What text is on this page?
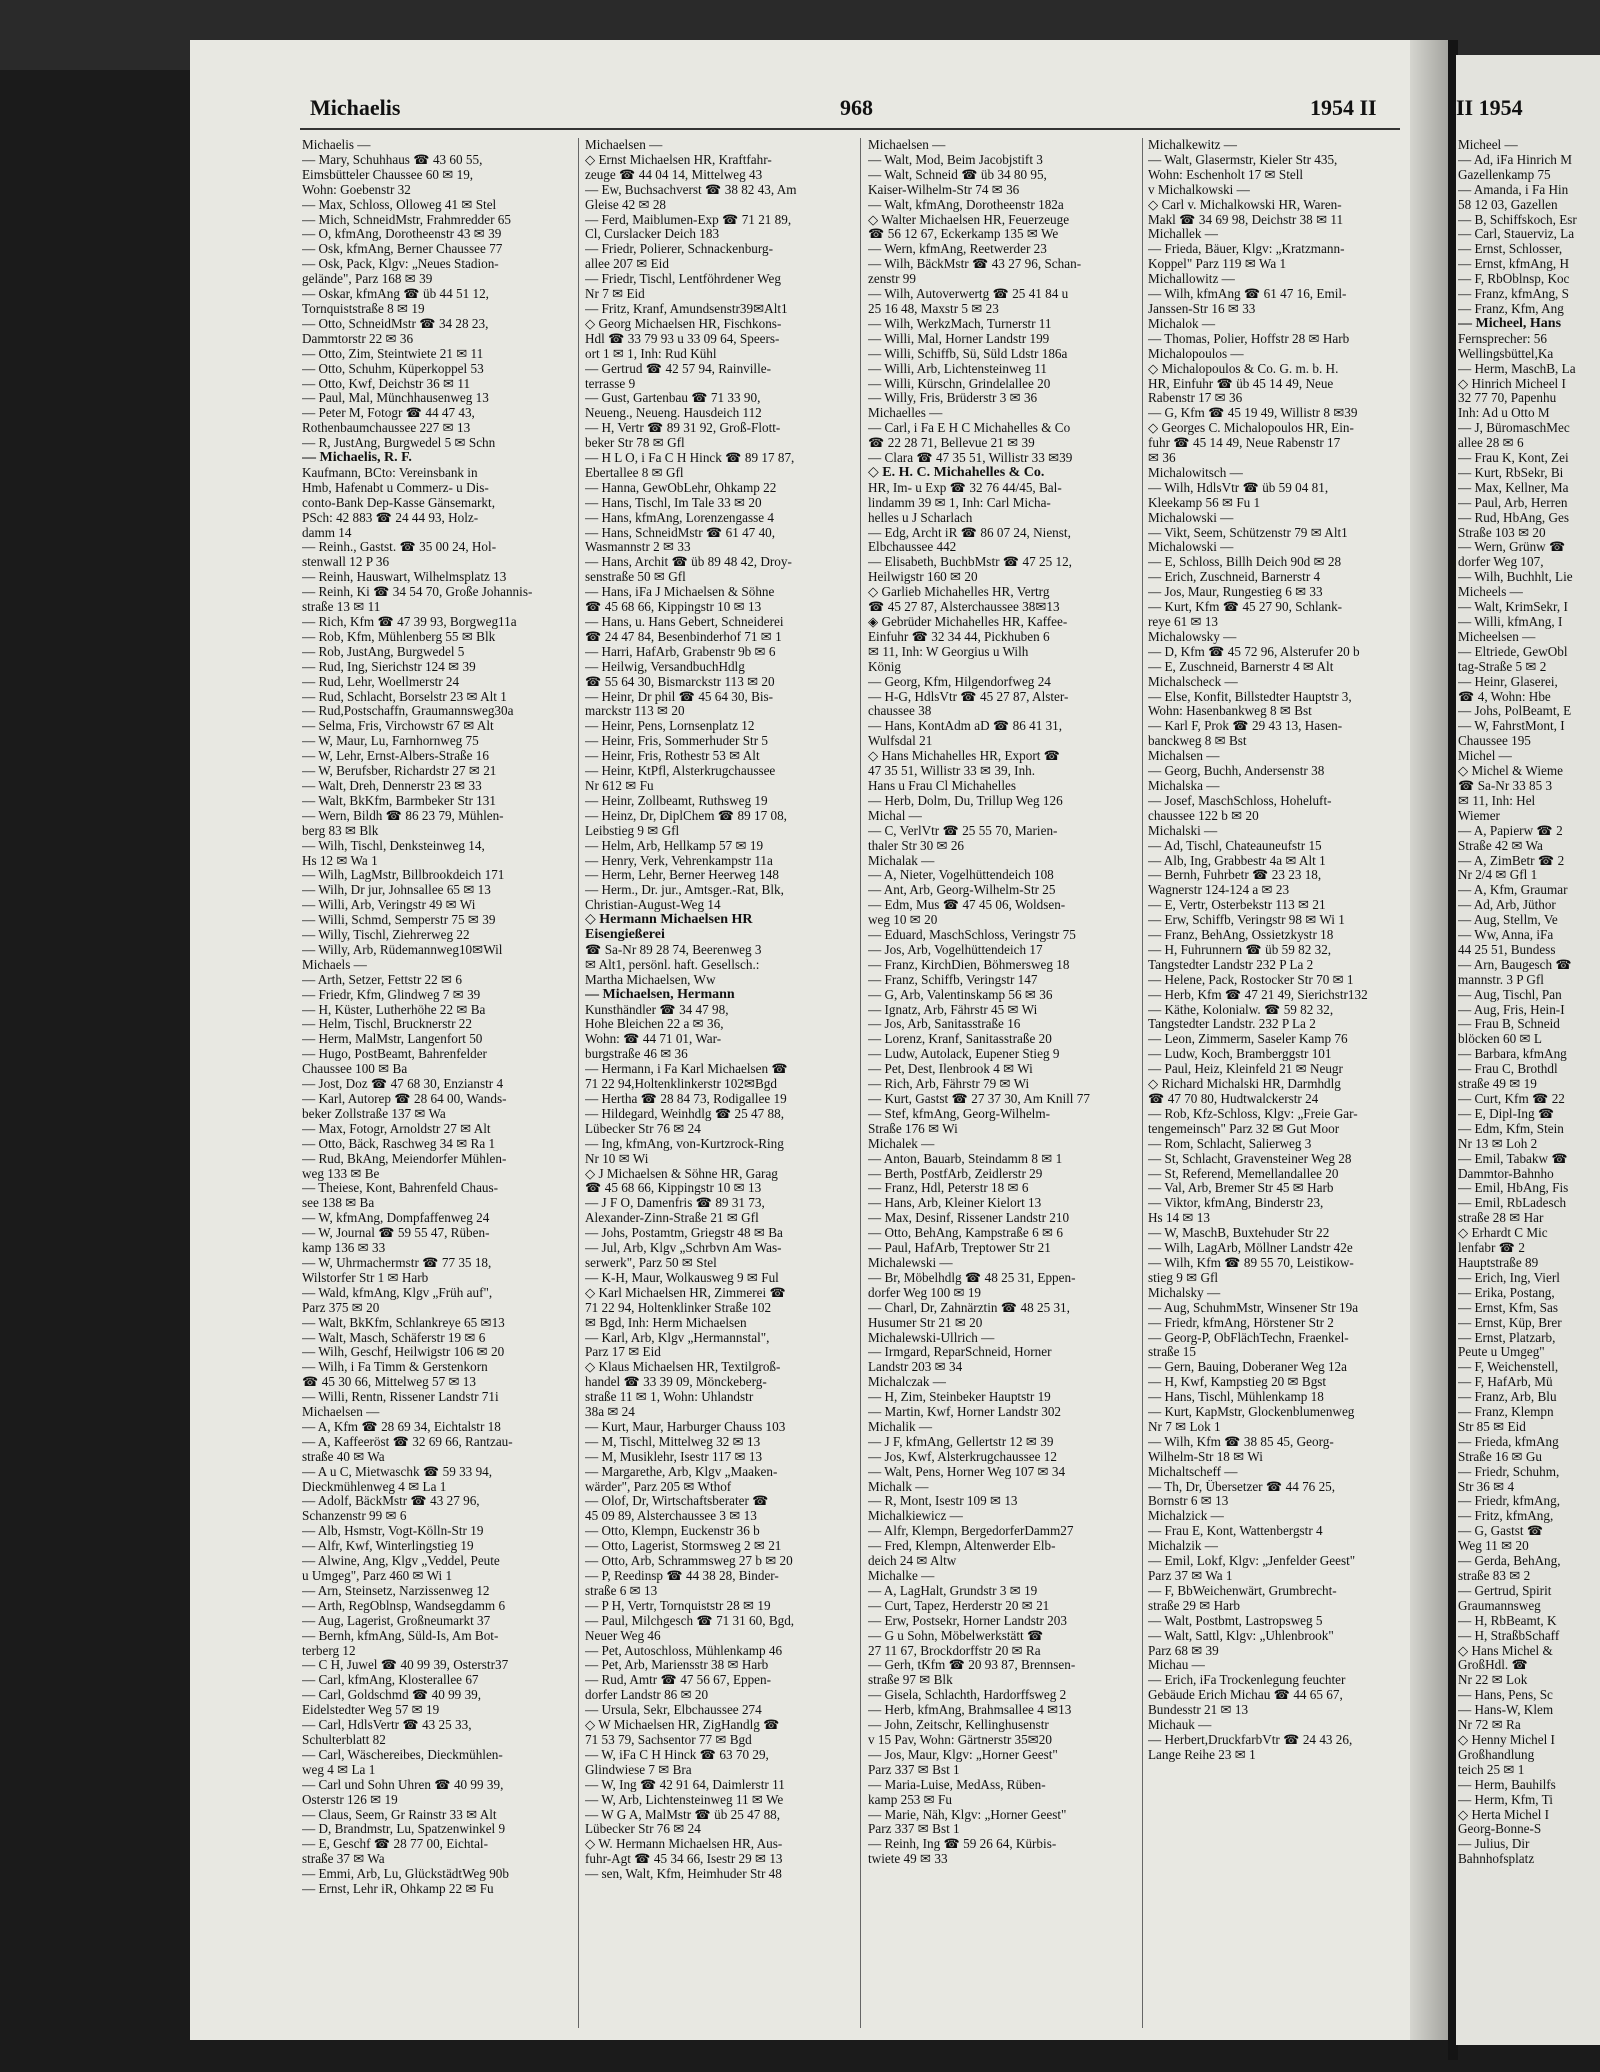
Michaelis	968	1954 II	II 1954
Michaelis —
— Mary, Schuhhaus ☎ 43 60 55,
Eimsbütteler Chaussee 60 ✉ 19,
Wohn: Goebenstr 32
— Max, Schloss, Olloweg 41 ✉ Stel
— Mich, SchneidMstr, Frahmredder 65
— O, kfmAng, Dorotheenstr 43 ✉ 39
— Osk, kfmAng, Berner Chaussee 77
— Osk, Pack, Klgv: „Neues Stadion-
gelände", Parz 168 ✉ 39
— Oskar, kfmAng ☎ üb 44 51 12,
Tornquiststraße 8 ✉ 19
— Otto, SchneidMstr ☎ 34 28 23,
Dammtorstr 22 ✉ 36
— Otto, Zim, Steintwiete 21 ✉ 11
— Otto, Schuhm, Küperkoppel 53
— Otto, Kwf, Deichstr 36 ✉ 11
— Paul, Mal, Münchhausenweg 13
— Peter M, Fotogr ☎ 44 47 43,
Rothenbaumchaussee 227 ✉ 13
— R, JustAng, Burgwedel 5 ✉ Schn
— Michaelis, R. F.
Kaufmann, BCto: Vereinsbank in
Hmb, Hafenabt u Commerz- u Dis-
conto-Bank Dep-Kasse Gänsemarkt,
PSch: 42 883 ☎ 24 44 93, Holz-
damm 14
— Reinh., Gastst. ☎ 35 00 24, Hol-
stenwall 12 P 36
— Reinh, Hauswart, Wilhelmsplatz 13
— Reinh, Ki ☎ 34 54 70, Große Johannis-
straße 13 ✉ 11
— Rich, Kfm ☎ 47 39 93, Borgweg11a
— Rob, Kfm, Mühlenberg 55 ✉ Blk
— Rob, JustAng, Burgwedel 5
— Rud, Ing, Sierichstr 124 ✉ 39
— Rud, Lehr, Woellmerstr 24
— Rud, Schlacht, Borselstr 23 ✉ Alt 1
— Rud,Postschaffn, Graumannsweg30a
— Selma, Fris, Virchowstr 67 ✉ Alt
— W, Maur, Lu, Farnhornweg 75
— W, Lehr, Ernst-Albers-Straße 16
— W, Berufsber, Richardstr 27 ✉ 21
— Walt, Dreh, Dennerstr 23 ✉ 33
— Walt, BkKfm, Barmbeker Str 131
— Wern, Bildh ☎ 86 23 79, Mühlen-
berg 83 ✉ Blk
— Wilh, Tischl, Denksteinweg 14,
Hs 12 ✉ Wa 1
— Wilh, LagMstr, Billbrookdeich 171
— Wilh, Dr jur, Johnsallee 65 ✉ 13
— Willi, Arb, Veringstr 49 ✉ Wi
— Willi, Schmd, Semperstr 75 ✉ 39
— Willy, Tischl, Ziehrerweg 22
— Willy, Arb, Rüdemannweg10✉Wil
Michaels —
— Arth, Setzer, Fettstr 22 ✉ 6
— Friedr, Kfm, Glindweg 7 ✉ 39
— H, Küster, Lutherhöhe 22 ✉ Ba
— Helm, Tischl, Brucknerstr 22
— Herm, MalMstr, Langenfort 50
— Hugo, PostBeamt, Bahrenfelder
Chaussee 100 ✉ Ba
— Jost, Doz ☎ 47 68 30, Enzianstr 4
— Karl, Autorep ☎ 28 64 00, Wands-
beker Zollstraße 137 ✉ Wa
— Max, Fotogr, Arnoldstr 27 ✉ Alt
— Otto, Bäck, Raschweg 34 ✉ Ra 1
— Rud, BkAng, Meiendorfer Mühlen-
weg 133 ✉ Be
— Theiese, Kont, Bahrenfeld Chaus-
see 138 ✉ Ba
— W, kfmAng, Dompfaffenweg 24
— W, Journal ☎ 59 55 47, Rüben-
kamp 136 ✉ 33
— W, Uhrmachermstr ☎ 77 35 18,
Wilstorfer Str 1 ✉ Harb
— Wald, kfmAng, Klgv „Früh auf",
Parz 375 ✉ 20
— Walt, BkKfm, Schlankreye 65 ✉13
— Walt, Masch, Schäferstr 19 ✉ 6
— Wilh, Geschf, Heilwigstr 106 ✉ 20
— Wilh, i Fa Timm & Gerstenkorn
☎ 45 30 66, Mittelweg 57 ✉ 13
— Willi, Rentn, Rissener Landstr 71i
Michaelsen —
— A, Kfm ☎ 28 69 34, Eichtalstr 18
— A, Kaffeeröst ☎ 32 69 66, Rantzau-
straße 40 ✉ Wa
— A u C, Mietwaschk ☎ 59 33 94,
Dieckmühlenweg 4 ✉ La 1
— Adolf, BäckMstr ☎ 43 27 96,
Schanzenstr 99 ✉ 6
— Alb, Hsmstr, Vogt-Kölln-Str 19
— Alfr, Kwf, Winterlingstieg 19
— Alwine, Ang, Klgv „Veddel, Peute
u Umgeg", Parz 460 ✉ Wi 1
— Arn, Steinsetz, Narzissenweg 12
— Arth, RegOblnsp, Wandsegdamm 6
— Aug, Lagerist, Großneumarkt 37
— Bernh, kfmAng, Süld-Is, Am Bot-
terberg 12
— C H, Juwel ☎ 40 99 39, Osterstr37
— Carl, kfmAng, Klosterallee 67
— Carl, Goldschmd ☎ 40 99 39,
Eidelstedter Weg 57 ✉ 19
— Carl, HdlsVertr ☎ 43 25 33,
Schulterblatt 82
— Carl, Wäschereibes, Dieckmühlen-
weg 4 ✉ La 1
— Carl und Sohn Uhren ☎ 40 99 39,
Osterstr 126 ✉ 19
— Claus, Seem, Gr Rainstr 33 ✉ Alt
— D, Brandmstr, Lu, Spatzenwinkel 9
— E, Geschf ☎ 28 77 00, Eichtal-
straße 37 ✉ Wa
— Emmi, Arb, Lu, GlückstädtWeg 90b
— Ernst, Lehr iR, Ohkamp 22 ✉ Fu
Michaelsen —
◇ Ernst Michaelsen HR, Kraftfahr-
zeuge ☎ 44 04 14, Mittelweg 43
— Ew, Buchsachverst ☎ 38 82 43, Am
Gleise 42 ✉ 28
— Ferd, Maiblumen-Exp ☎ 71 21 89,
Cl, Curslacker Deich 183
— Friedr, Polierer, Schnackenburg-
allee 207 ✉ Eid
— Friedr, Tischl, Lentföhrdener Weg
Nr 7 ✉ Eid
— Fritz, Kranf, Amundsenstr39✉Alt1
◇ Georg Michaelsen HR, Fischkons-
Hdl ☎ 33 79 93 u 33 09 64, Speers-
ort 1 ✉ 1, Inh: Rud Kühl
— Gertrud ☎ 42 57 94, Rainville-
terrasse 9
— Gust, Gartenbau ☎ 71 33 90,
Neueng., Neueng. Hausdeich 112
— H, Vertr ☎ 89 31 92, Groß-Flott-
beker Str 78 ✉ Gfl
— H L O, i Fa C H Hinck ☎ 89 17 87,
Ebertallee 8 ✉ Gfl
— Hanna, GewObLehr, Ohkamp 22
— Hans, Tischl, Im Tale 33 ✉ 20
— Hans, kfmAng, Lorenzengasse 4
— Hans, SchneidMstr ☎ 61 47 40,
Wasmannstr 2 ✉ 33
— Hans, Archit ☎ üb 89 48 42, Droy-
senstraße 50 ✉ Gfl
— Hans, iFa J Michaelsen & Söhne
☎ 45 68 66, Kippingstr 10 ✉ 13
— Hans, u. Hans Gebert, Schneiderei
☎ 24 47 84, Besenbinderhof 71 ✉ 1
— Harri, HafArb, Grabenstr 9b ✉ 6
— Heilwig, VersandbuchHdlg
☎ 55 64 30, Bismarckstr 113 ✉ 20
— Heinr, Dr phil ☎ 45 64 30, Bis-
marckstr 113 ✉ 20
— Heinr, Pens, Lornsenplatz 12
— Heinr, Fris, Sommerhuder Str 5
— Heinr, Fris, Rothestr 53 ✉ Alt
— Heinr, KtPfl, Alsterkrugchaussee
Nr 612 ✉ Fu
— Heinr, Zollbeamt, Ruthsweg 19
— Heinz, Dr, DiplChem ☎ 89 17 08,
Leibstieg 9 ✉ Gfl
— Helm, Arb, Hellkamp 57 ✉ 19
— Henry, Verk, Vehrenkampstr 11a
— Herm, Lehr, Berner Heerweg 148
— Herm., Dr. jur., Amtsger.-Rat, Blk,
Christian-August-Weg 14
◇ Hermann Michaelsen HR
Eisengießerei
☎ Sa-Nr 89 28 74, Beerenweg 3
✉ Alt1, persönl. haft. Gesellsch.:
Martha Michaelsen, Ww
— Michaelsen, Hermann
Kunsthändler ☎ 34 47 98,
Hohe Bleichen 22 a ✉ 36,
Wohn: ☎ 44 71 01, War-
burgstraße 46 ✉ 36
— Hermann, i Fa Karl Michaelsen ☎
71 22 94,Holtenklinkerstr 102✉Bgd
— Hertha ☎ 28 84 73, Rodigallee 19
— Hildegard, Weinhdlg ☎ 25 47 88,
Lübecker Str 76 ✉ 24
— Ing, kfmAng, von-Kurtzrock-Ring
Nr 10 ✉ Wi
◇ J Michaelsen & Söhne HR, Garag
☎ 45 68 66, Kippingstr 10 ✉ 13
— J F O, Damenfris ☎ 89 31 73,
Alexander-Zinn-Straße 21 ✉ Gfl
— Johs, Postamtm, Griegstr 48 ✉ Ba
— Jul, Arb, Klgv „Schrbvn Am Was-
serwerk", Parz 50 ✉ Stel
— K-H, Maur, Wolkausweg 9 ✉ Ful
◇ Karl Michaelsen HR, Zimmerei ☎
71 22 94, Holtenklinker Straße 102
✉ Bgd, Inh: Herm Michaelsen
— Karl, Arb, Klgv „Hermannstal",
Parz 17 ✉ Eid
◇ Klaus Michaelsen HR, Textilgroß-
handel ☎ 33 39 09, Mönckeberg-
straße 11 ✉ 1, Wohn: Uhlandstr
38a ✉ 24
— Kurt, Maur, Harburger Chauss 103
— M, Tischl, Mittelweg 32 ✉ 13
— M, Musiklehr, Isestr 117 ✉ 13
— Margarethe, Arb, Klgv „Maaken-
wärder", Parz 205 ✉ Wthof
— Olof, Dr, Wirtschaftsberater ☎
45 09 89, Alsterchaussee 3 ✉ 13
— Otto, Klempn, Euckenstr 36 b
— Otto, Lagerist, Stormsweg 2 ✉ 21
— Otto, Arb, Schrammsweg 27 b ✉ 20
— P, Reedinsp ☎ 44 38 28, Binder-
straße 6 ✉ 13
— P H, Vertr, Tornquiststr 28 ✉ 19
— Paul, Milchgesch ☎ 71 31 60, Bgd,
Neuer Weg 46
— Pet, Autoschloss, Mühlenkamp 46
— Pet, Arb, Mariensstr 38 ✉ Harb
— Rud, Amtr ☎ 47 56 67, Eppen-
dorfer Landstr 86 ✉ 20
— Ursula, Sekr, Elbchaussee 274
◇ W Michaelsen HR, ZigHandlg ☎
71 53 79, Sachsentor 77 ✉ Bgd
— W, iFa C H Hinck ☎ 63 70 29,
Glindwiese 7 ✉ Bra
— W, Ing ☎ 42 91 64, Daimlerstr 11
— W, Arb, Lichtensteinweg 11 ✉ We
— W G A, MalMstr ☎ üb 25 47 88,
Lübecker Str 76 ✉ 24
◇ W. Hermann Michaelsen HR, Aus-
fuhr-Agt ☎ 45 34 66, Isestr 29 ✉ 13
— sen, Walt, Kfm, Heimhuder Str 48
Michaelsen —
— Walt, Mod, Beim Jacobjstift 3
— Walt, Schneid ☎ üb 34 80 95,
Kaiser-Wilhelm-Str 74 ✉ 36
— Walt, kfmAng, Dorotheenstr 182a
◇ Walter Michaelsen HR, Feuerzeuge
☎ 56 12 67, Eckerkamp 135 ✉ We
— Wern, kfmAng, Reetwerder 23
— Wilh, BäckMstr ☎ 43 27 96, Schan-
zenstr 99
— Wilh, Autoverwertg ☎ 25 41 84 u
25 16 48, Maxstr 5 ✉ 23
— Wilh, WerkzMach, Turnerstr 11
— Willi, Mal, Horner Landstr 199
— Willi, Schiffb, Sü, Süld Ldstr 186a
— Willi, Arb, Lichtensteinweg 11
— Willi, Kürschn, Grindelallee 20
— Willy, Fris, Brüderstr 3 ✉ 36
Michaelles —
— Carl, i Fa E H C Michahelles & Co
☎ 22 28 71, Bellevue 21 ✉ 39
— Clara ☎ 47 35 51, Willistr 33 ✉39
◇ E. H. C. Michahelles & Co.
HR, Im- u Exp ☎ 32 76 44/45, Bal-
lindamm 39 ✉ 1, Inh: Carl Micha-
helles u J Scharlach
— Edg, Archt iR ☎ 86 07 24, Nienst,
Elbchaussee 442
— Elisabeth, BuchbMstr ☎ 47 25 12,
Heilwigstr 160 ✉ 20
◇ Garlieb Michahelles HR, Vertrg
☎ 45 27 87, Alsterchaussee 38✉13
◈ Gebrüder Michahelles HR, Kaffee-
Einfuhr ☎ 32 34 44, Pickhuben 6
✉ 11, Inh: W Georgius u Wilh
König
— Georg, Kfm, Hilgendorfweg 24
— H-G, HdlsVtr ☎ 45 27 87, Alster-
chaussee 38
— Hans, KontAdm aD ☎ 86 41 31,
Wulfsdal 21
◇ Hans Michahelles HR, Export ☎
47 35 51, Willistr 33 ✉ 39, Inh.
Hans u Frau Cl Michahelles
— Herb, Dolm, Du, Trillup Weg 126
Michal —
— C, VerlVtr ☎ 25 55 70, Marien-
thaler Str 30 ✉ 26
Michalak —
— A, Nieter, Vogelhüttendeich 108
— Ant, Arb, Georg-Wilhelm-Str 25
— Edm, Mus ☎ 47 45 06, Woldsen-
weg 10 ✉ 20
— Eduard, MaschSchloss, Veringstr 75
— Jos, Arb, Vogelhüttendeich 17
— Franz, KirchDien, Böhmersweg 18
— Franz, Schiffb, Veringstr 147
— G, Arb, Valentinskamp 56 ✉ 36
— Ignatz, Arb, Fährstr 45 ✉ Wi
— Jos, Arb, Sanitasstraße 16
— Lorenz, Kranf, Sanitasstraße 20
— Ludw, Autolack, Eupener Stieg 9
— Pet, Dest, Ilenbrook 4 ✉ Wi
— Rich, Arb, Fährstr 79 ✉ Wi
— Kurt, Gastst ☎ 27 37 30, Am Knill 77
— Stef, kfmAng, Georg-Wilhelm-
Straße 176 ✉ Wi
Michalek —
— Anton, Bauarb, Steindamm 8 ✉ 1
— Berth, PostfArb, Zeidlerstr 29
— Franz, Hdl, Peterstr 18 ✉ 6
— Hans, Arb, Kleiner Kielort 13
— Max, Desinf, Rissener Landstr 210
— Otto, BehAng, Kampstraße 6 ✉ 6
— Paul, HafArb, Treptower Str 21
Michalewski —
— Br, Möbelhdlg ☎ 48 25 31, Eppen-
dorfer Weg 100 ✉ 19
— Charl, Dr, Zahnärztin ☎ 48 25 31,
Husumer Str 21 ✉ 20
Michalewski-Ullrich —
— Irmgard, ReparSchneid, Horner
Landstr 203 ✉ 34
Michalczak —
— H, Zim, Steinbeker Hauptstr 19
— Martin, Kwf, Horner Landstr 302
Michalik —
— J F, kfmAng, Gellertstr 12 ✉ 39
— Jos, Kwf, Alsterkrugchaussee 12
— Walt, Pens, Horner Weg 107 ✉ 34
Michalk —
— R, Mont, Isestr 109 ✉ 13
Michalkiewicz —
— Alfr, Klempn, BergedorferDamm27
— Fred, Klempn, Altenwerder Elb-
deich 24 ✉ Altw
Michalke —
— A, LagHalt, Grundstr 3 ✉ 19
— Curt, Tapez, Herderstr 20 ✉ 21
— Erw, Postsekr, Horner Landstr 203
— G u Sohn, Möbelwerkstätt ☎
27 11 67, Brockdorffstr 20 ✉ Ra
— Gerh, tKfm ☎ 20 93 87, Brennsen-
straße 97 ✉ Blk
— Gisela, Schlachth, Hardorffsweg 2
— Herb, kfmAng, Brahmsallee 4 ✉13
— John, Zeitschr, Kellinghusenstr
v 15 Pav, Wohn: Gärtnerstr 35✉20
— Jos, Maur, Klgv: „Horner Geest"
Parz 337 ✉ Bst 1
— Maria-Luise, MedAss, Rüben-
kamp 253 ✉ Fu
— Marie, Näh, Klgv: „Horner Geest"
Parz 337 ✉ Bst 1
— Reinh, Ing ☎ 59 26 64, Kürbis-
twiete 49 ✉ 33
Michalkewitz —
— Walt, Glasermstr, Kieler Str 435,
Wohn: Eschenholt 17 ✉ Stell
v Michalkowski —
◇ Carl v. Michalkowski HR, Waren-
Makl ☎ 34 69 98, Deichstr 38 ✉ 11
Michallek —
— Frieda, Bäuer, Klgv: „Kratzmann-
Koppel" Parz 119 ✉ Wa 1
Michallowitz —
— Wilh, kfmAng ☎ 61 47 16, Emil-
Janssen-Str 16 ✉ 33
Michalok —
— Thomas, Polier, Hoffstr 28 ✉ Harb
Michalopoulos —
◇ Michalopoulos & Co. G. m. b. H.
HR, Einfuhr ☎ üb 45 14 49, Neue
Rabenstr 17 ✉ 36
— G, Kfm ☎ 45 19 49, Willistr 8 ✉39
◇ Georges C. Michalopoulos HR, Ein-
fuhr ☎ 45 14 49, Neue Rabenstr 17
✉ 36
Michalowitsch —
— Wilh, HdlsVtr ☎ üb 59 04 81,
Kleekamp 56 ✉ Fu 1
Michalowski —
— Vikt, Seem, Schützenstr 79 ✉ Alt1
Michalowski —
— E, Schloss, Billh Deich 90d ✉ 28
— Erich, Zuschneid, Barnerstr 4
— Jos, Maur, Rungestieg 6 ✉ 33
— Kurt, Kfm ☎ 45 27 90, Schlank-
reye 61 ✉ 13
Michalowsky —
— D, Kfm ☎ 45 72 96, Alsterufer 20 b
— E, Zuschneid, Barnerstr 4 ✉ Alt
Michalscheck —
— Else, Konfit, Billstedter Hauptstr 3,
Wohn: Hasenbankweg 8 ✉ Bst
— Karl F, Prok ☎ 29 43 13, Hasen-
banckweg 8 ✉ Bst
Michalsen —
— Georg, Buchh, Andersenstr 38
Michalska —
— Josef, MaschSchloss, Hoheluft-
chaussee 122 b ✉ 20
Michalski —
— Ad, Tischl, Chateauneufstr 15
— Alb, Ing, Grabbestr 4a ✉ Alt 1
— Bernh, Fuhrbetr ☎ 23 23 18,
Wagnerstr 124-124 a ✉ 23
— E, Vertr, Osterbekstr 113 ✉ 21
— Erw, Schiffb, Veringstr 98 ✉ Wi 1
— Franz, BehAng, Ossietzkystr 18
— H, Fuhrunnern ☎ üb 59 82 32,
Tangstedter Landstr 232 P La 2
— Helene, Pack, Rostocker Str 70 ✉ 1
— Herb, Kfm ☎ 47 21 49, Sierichstr132
— Käthe, Kolonialw. ☎ 59 82 32,
Tangstedter Landstr. 232 P La 2
— Leon, Zimmerm, Saseler Kamp 76
— Ludw, Koch, Bramberggstr 101
— Paul, Heiz, Kleinfeld 21 ✉ Neugr
◇ Richard Michalski HR, Darmhdlg
☎ 47 70 80, Hudtwalckerstr 24
— Rob, Kfz-Schloss, Klgv: „Freie Gar-
tengemeinsch" Parz 32 ✉ Gut Moor
— Rom, Schlacht, Salierweg 3
— St, Schlacht, Gravensteiner Weg 28
— St, Referend, Memellandallee 20
— Val, Arb, Bremer Str 45 ✉ Harb
— Viktor, kfmAng, Binderstr 23,
Hs 14 ✉ 13
— W, MaschB, Buxtehuder Str 22
— Wilh, LagArb, Möllner Landstr 42e
— Wilh, Kfm ☎ 89 55 70, Leistikow-
stieg 9 ✉ Gfl
Michalsky —
— Aug, SchuhmMstr, Winsener Str 19a
— Friedr, kfmAng, Hörstener Str 2
— Georg-P, ObFlächTechn, Fraenkel-
straße 15
— Gern, Bauing, Doberaner Weg 12a
— H, Kwf, Kampstieg 20 ✉ Bgst
— Hans, Tischl, Mühlenkamp 18
— Kurt, KapMstr, Glockenblumenweg
Nr 7 ✉ Lok 1
— Wilh, Kfm ☎ 38 85 45, Georg-
Wilhelm-Str 18 ✉ Wi
Michaltscheff —
— Th, Dr, Übersetzer ☎ 44 76 25,
Bornstr 6 ✉ 13
Michalzick —
— Frau E, Kont, Wattenbergstr 4
Michalzik —
— Emil, Lokf, Klgv: „Jenfelder Geest"
Parz 37 ✉ Wa 1
— F, BbWeichenwärt, Grumbrecht-
straße 29 ✉ Harb
— Walt, Postbmt, Lastropsweg 5
— Walt, Sattl, Klgv: „Uhlenbrook"
Parz 68 ✉ 39
Michau —
— Erich, iFa Trockenlegung feuchter
Gebäude Erich Michau ☎ 44 65 67,
Bundesstr 21 ✉ 13
Michauk —
— Herbert,DruckfarbVtr ☎ 24 43 26,
Lange Reihe 23 ✉ 1
Micheel —
— Ad, iFa Hinrich M
Gazellenkamp 75
— Amanda, i Fa Hin
58 12 03, Gazellen
— B, Schiffskoch, Esr
— Carl, Stauerviz, La
— Ernst, Schlosser,
— Ernst, kfmAng, H
— F, RbOblnsp, Koc
— Franz, kfmAng, S
— Franz, Kfm, Ang
— Micheel, Hans
Fernsprecher: 56
Wellingsbüttel,Ka
— Herm, MaschB, La
◇ Hinrich Micheel I
32 77 70, Papenhu
Inh: Ad u Otto M
— J, BüromaschMec
allee 28 ✉ 6
— Frau K, Kont, Zei
— Kurt, RbSekr, Bi
— Max, Kellner, Ma
— Paul, Arb, Herren
— Rud, HbAng, Ges
Straße 103 ✉ 20
— Wern, Grünw ☎
dorfer Weg 107,
— Wilh, Buchhlt, Lie
Micheels —
— Walt, KrimSekr, I
— Willi, kfmAng, I
Micheelsen —
— Eltriede, GewObl
tag-Straße 5 ✉ 2
— Heinr, Glaserei,
☎ 4, Wohn: Hbe
— Johs, PolBeamt, E
— W, FahrstMont, I
Chaussee 195
Michel —
◇ Michel & Wieme
☎ Sa-Nr 33 85 3
✉ 11, Inh: Hel
Wiemer
— A, Papierw ☎ 2
Straße 42 ✉ Wa
— A, ZimBetr ☎ 2
Nr 2/4 ✉ Gfl 1
— A, Kfm, Graumar
— Ad, Arb, Jüthor
— Aug, Stellm, Ve
— Ww, Anna, iFa
44 25 51, Bundess
— Arn, Baugesch ☎
mannstr. 3 P Gfl
— Aug, Tischl, Pan
— Aug, Fris, Hein-I
— Frau B, Schneid
blöcken 60 ✉ L
— Barbara, kfmAng
— Frau C, Brothdl
straße 49 ✉ 19
— Curt, Kfm ☎ 22
— E, Dipl-Ing ☎
— Edm, Kfm, Stein
Nr 13 ✉ Loh 2
— Emil, Tabakw ☎
Dammtor-Bahnho
— Emil, HbAng, Fis
— Emil, RbLadesch
straße 28 ✉ Har
◇ Erhardt C Mic
lenfabr ☎ 2
Hauptstraße 89
— Erich, Ing, Vierl
— Erika, Postang,
— Ernst, Kfm, Sas
— Ernst, Küp, Brer
— Ernst, Platzarb,
Peute u Umgeg"
— F, Weichenstell,
— F, HafArb, Mü
— Franz, Arb, Blu
— Franz, Klempn
Str 85 ✉ Eid
— Frieda, kfmAng
Straße 16 ✉ Gu
— Friedr, Schuhm,
Str 36 ✉ 4
— Friedr, kfmAng,
— Fritz, kfmAng,
— G, Gastst ☎
Weg 11 ✉ 20
— Gerda, BehAng,
straße 83 ✉ 2
— Gertrud, Spirit
Graumannsweg
— H, RbBeamt, K
— H, StraßbSchaff
◇ Hans Michel &
GroßHdl. ☎
Nr 22 ✉ Lok
— Hans, Pens, Sc
— Hans-W, Klem
Nr 72 ✉ Ra
◇ Henny Michel I
Großhandlung
teich 25 ✉ 1
— Herm, Bauhilfs
— Herm, Kfm, Ti
◇ Herta Michel I
Georg-Bonne-S
— Julius, Dir
Bahnhofsplatz
